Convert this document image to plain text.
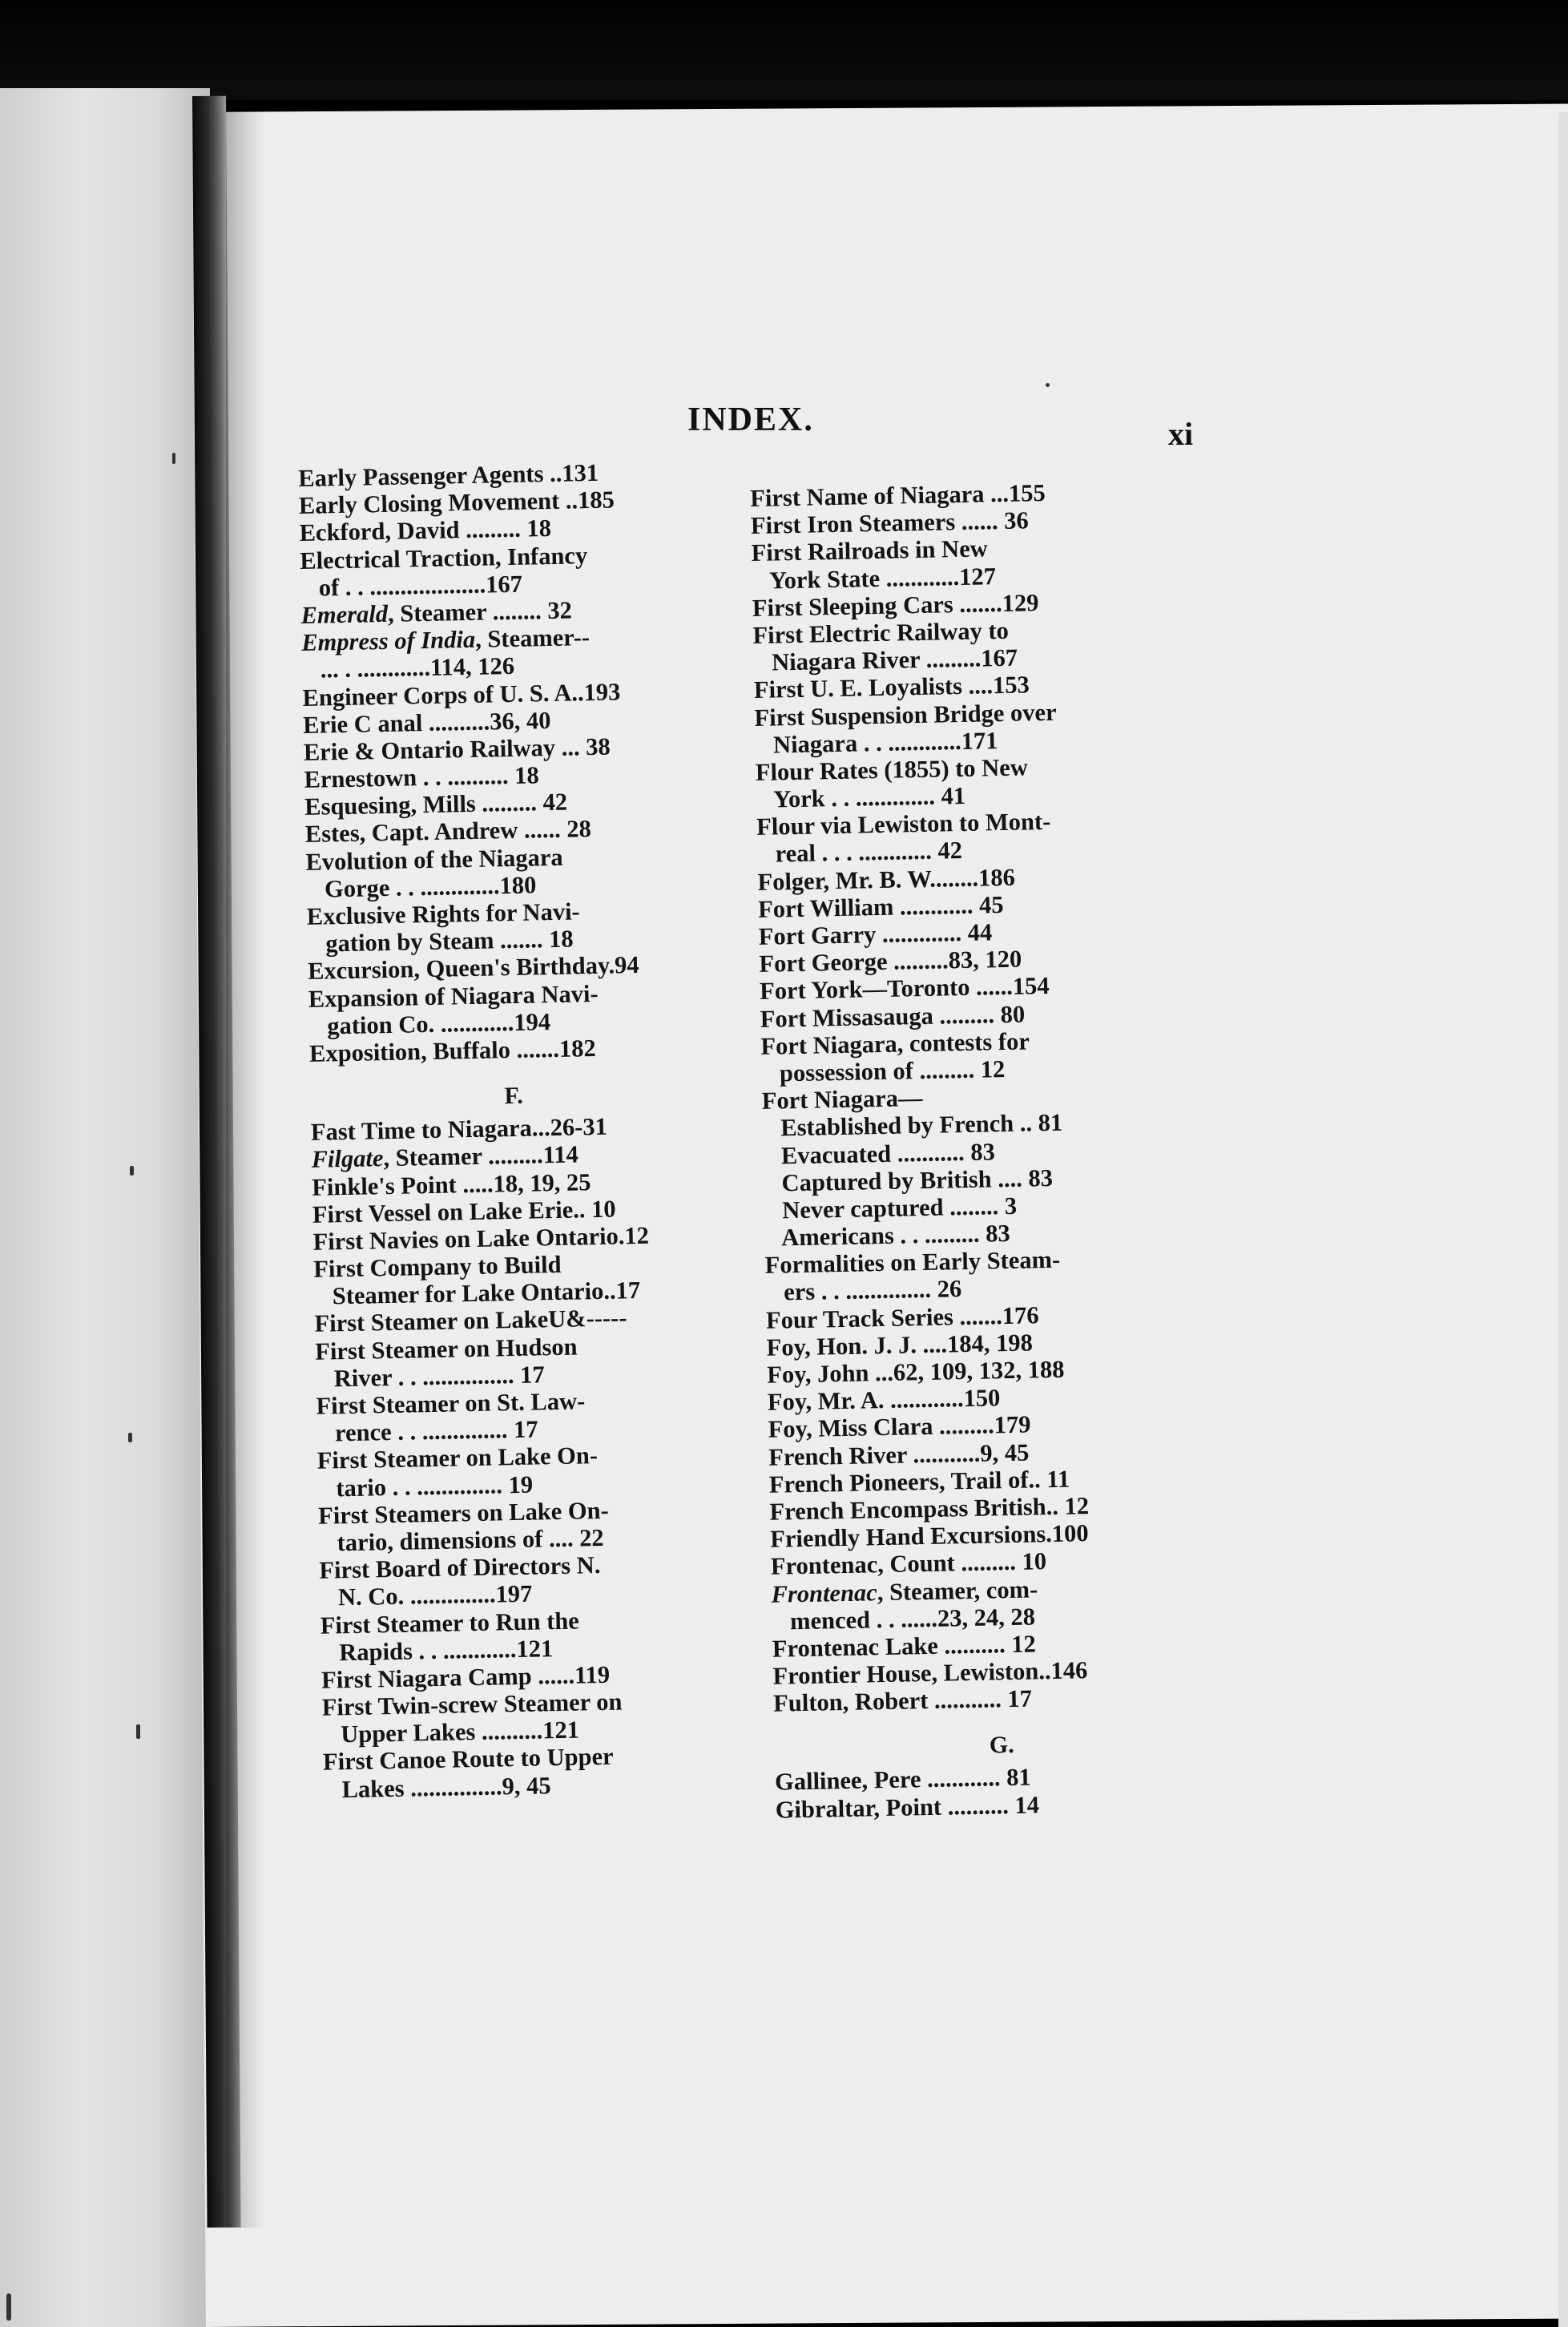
INDEX.	xi
Early Passenger Agents ..131
Early Closing Movement ..185
Eckford, David ......... 18
Electrical Traction, Infancy
of . . ...................167
Emerald, Steamer ........ 32
Empress of India, Steamer--
... . ............114, 126
Engineer Corps of U. S. A..193
Erie C anal ..........36, 40
Erie & Ontario Railway ... 38
Ernestown . . .......... 18
Esquesing, Mills ......... 42
Estes, Capt. Andrew ...... 28
Evolution of the Niagara
Gorge . . .............180
Exclusive Rights for Navi-
gation by Steam ....... 18
Excursion, Queen's Birthday.94
Expansion of Niagara Navi-
gation Co. ............194
Exposition, Buffalo .......182
F.
Fast Time to Niagara...26-31
Filgate, Steamer .........114
Finkle's Point .....18, 19, 25
First Vessel on Lake Erie.. 10
First Navies on Lake Ontario.12
First Company to Build
Steamer for Lake Ontario..17
First Steamer on LakeU&-----
First Steamer on Hudson
River . . ............... 17
First Steamer on St. Law-
rence . . .............. 17
First Steamer on Lake On-
tario . . .............. 19
First Steamers on Lake On-
tario, dimensions of .... 22
First Board of Directors N.
N. Co. ..............197
First Steamer to Run the
Rapids . . ............121
First Niagara Camp ......119
First Twin-screw Steamer on
Upper Lakes ..........121
First Canoe Route to Upper
Lakes ...............9, 45
First Name of Niagara ...155
First Iron Steamers ...... 36
First Railroads in New
York State ............127
First Sleeping Cars .......129
First Electric Railway to
Niagara River .........167
First U. E. Loyalists ....153
First Suspension Bridge over
Niagara . . ............171
Flour Rates (1855) to New
York . . ............. 41
Flour via Lewiston to Mont-
real . . . ............ 42
Folger, Mr. B. W........186
Fort William ............ 45
Fort Garry ............. 44
Fort George .........83, 120
Fort York—Toronto ......154
Fort Missasauga ......... 80
Fort Niagara, contests for
possession of ......... 12
Fort Niagara—
Established by French .. 81
Evacuated ........... 83
Captured by British .... 83
Never captured ........ 3
Americans . . ......... 83
Formalities on Early Steam-
ers . . .............. 26
Four Track Series .......176
Foy, Hon. J. J. ....184, 198
Foy, John ...62, 109, 132, 188
Foy, Mr. A. ............150
Foy, Miss Clara .........179
French River ...........9, 45
French Pioneers, Trail of.. 11
French Encompass British.. 12
Friendly Hand Excursions.100
Frontenac, Count ......... 10
Frontenac, Steamer, com-
menced . . ......23, 24, 28
Frontenac Lake .......... 12
Frontier House, Lewiston..146
Fulton, Robert ........... 17
G.
Gallinee, Pere ............ 81
Gibraltar, Point .......... 14
